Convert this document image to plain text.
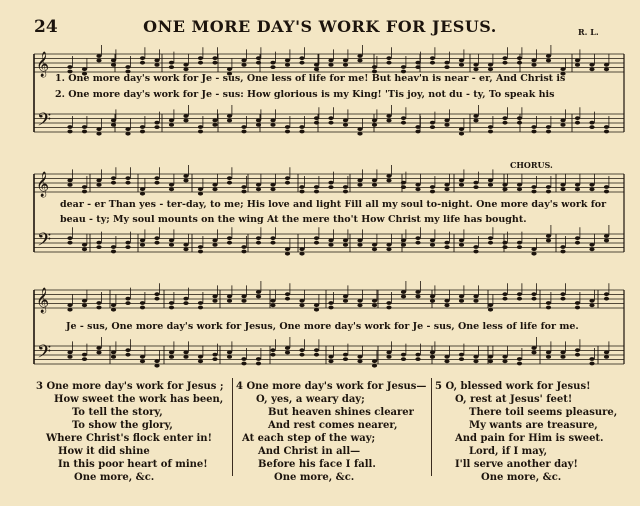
24	ONE MORE DAY'S WORK FOR JESUS.	R. L.
𝄞
𝄢
𝄞
𝄢
𝄞
𝄢
CHORUS.
1. One more day's work for Je - sus, One less of life for me! But heav'n is near - er, And Christ is
2. One more day's work for Je - sus: How glorious is my King! 'Tis joy, not du - ty, To speak his
dear - er Than yes - ter-day, to me; His love and light Fill all my soul to-night. One more day's work for
beau - ty; My soul mounts on the wing At the mere tho't How Christ my life has bought.
Je - sus, One more day's work for Jesus, One more day's work for Je - sus, One less of life for me.
3 One more day's work for Jesus ;
How sweet the work has been,
To tell the story,
To show the glory,
Where Christ's flock enter in!
How it did shine
In this poor heart of mine!
One more, &c.
4 One more day's work for Jesus—
O, yes, a weary day;
But heaven shines clearer
And rest comes nearer,
At each step of the way;
And Christ in all—
Before his face I fall.
One more, &c.
5 O, blessed work for Jesus!
O, rest at Jesus' feet!
There toil seems pleasure,
My wants are treasure,
And pain for Him is sweet.
Lord, if I may,
I'll serve another day!
One more, &c.
